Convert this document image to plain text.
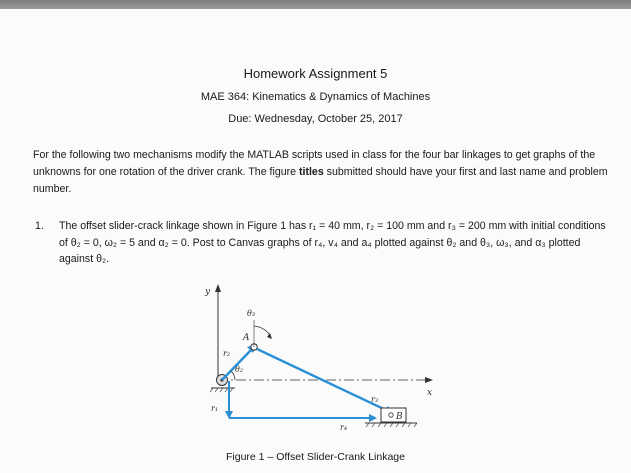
Homework Assignment 5
MAE 364: Kinematics & Dynamics of Machines
Due: Wednesday, October 25, 2017
For the following two mechanisms modify the MATLAB scripts used in class for the four bar linkages to get graphs of the unknowns for one rotation of the driver crank. The figure titles submitted should have your first and last name and problem number.
1. The offset slider-crack linkage shown in Figure 1 has r₁ = 40 mm, r₂ = 100 mm and r₃ = 200 mm with initial conditions of θ₂ = 0, ω₂ = 5 and α₂ = 0. Post to Canvas graphs of r₄, v₄ and a₄ plotted against θ₂ and θ₃, ω₃, and α₃ plotted against θ₂.
y
x
r₁
r₄
r₂
θ₂
A
θ₃
r₃
B
Figure 1 – Offset Slider-Crank Linkage
